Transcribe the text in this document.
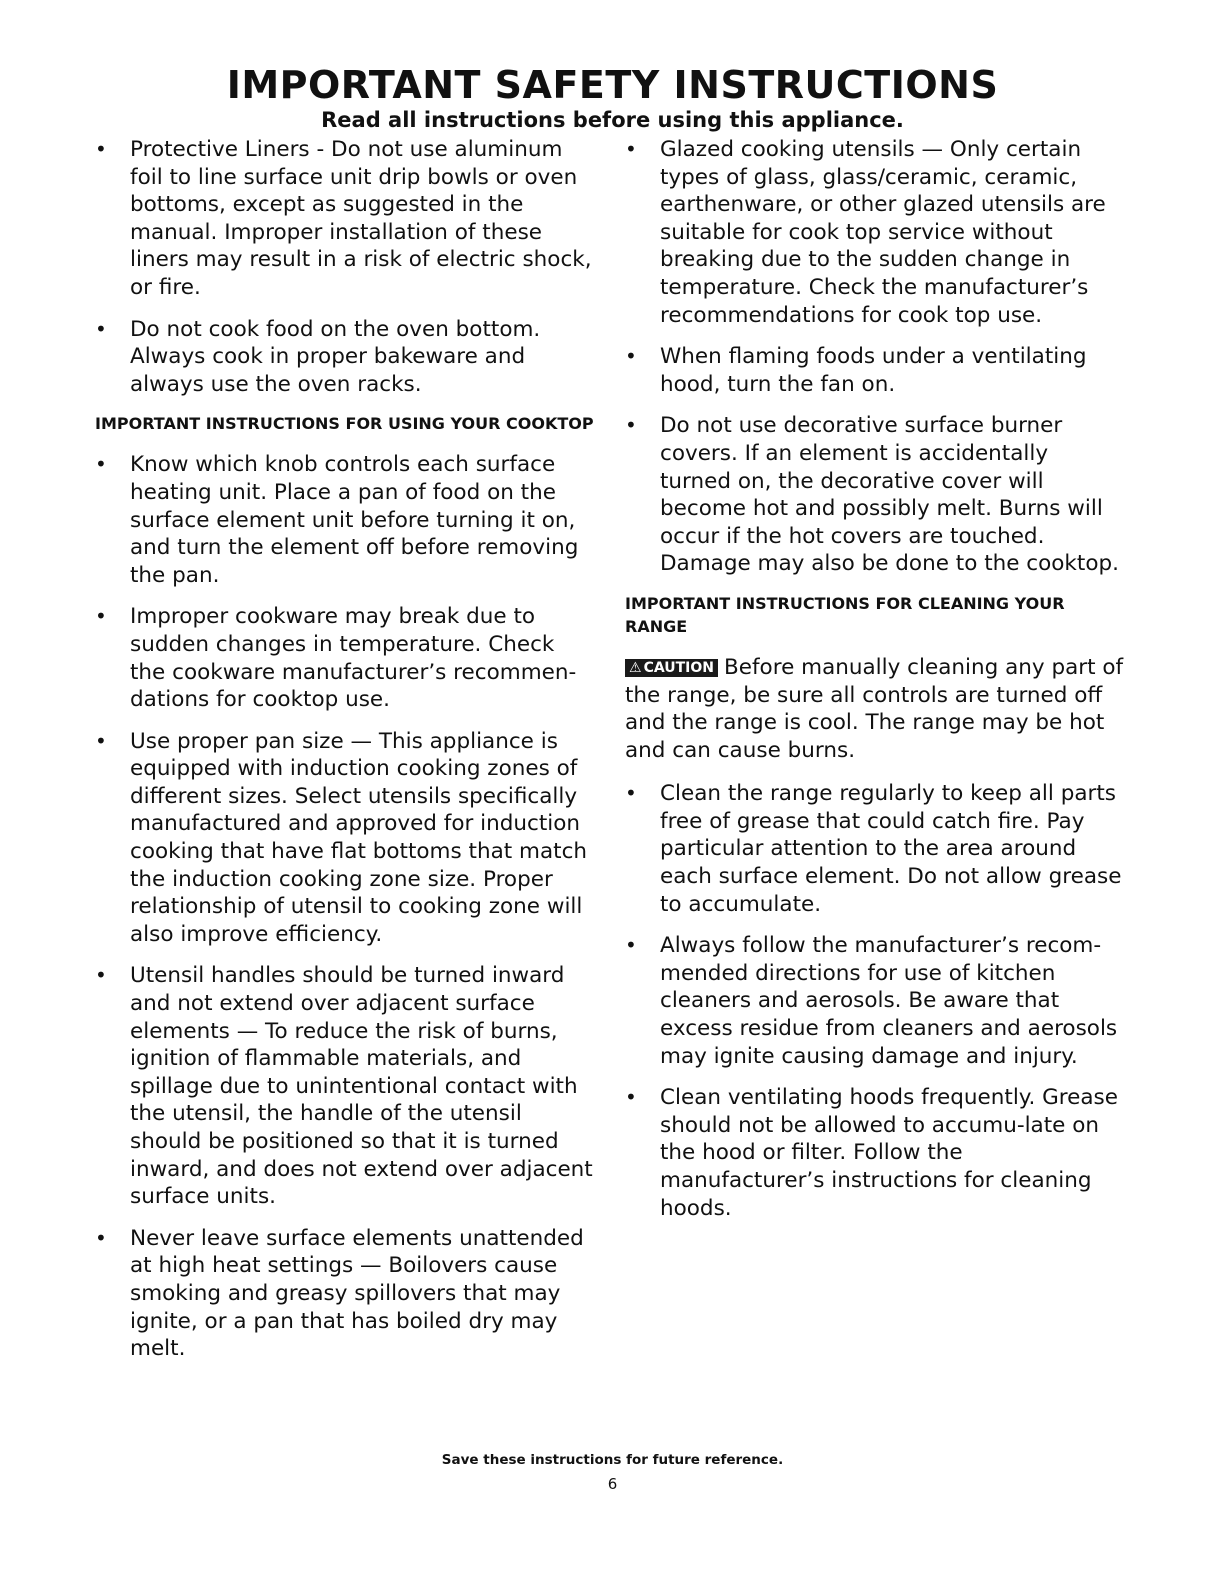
IMPORTANT SAFETY INSTRUCTIONS
Read all instructions before using this appliance.
• Protective Liners - Do not use aluminum foil to line surface unit drip bowls or oven bottoms, except as suggested in the manual. Improper installation of these liners may result in a risk of electric shock, or fire.
• Do not cook food on the oven bottom. Always cook in proper bakeware and always use the oven racks.
IMPORTANT INSTRUCTIONS FOR USING YOUR COOKTOP
• Know which knob controls each surface heating unit. Place a pan of food on the surface element unit before turning it on, and turn the element off before removing the pan.
• Improper cookware may break due to sudden changes in temperature. Check the cookware manufacturer’s recommen-dations for cooktop use.
• Use proper pan size — This appliance is equipped with induction cooking zones of different sizes. Select utensils specifically manufactured and approved for induction cooking that have flat bottoms that match the induction cooking zone size. Proper relationship of utensil to cooking zone will also improve efficiency.
• Utensil handles should be turned inward and not extend over adjacent surface elements — To reduce the risk of burns, ignition of flammable materials, and spillage due to unintentional contact with the utensil, the handle of the utensil should be positioned so that it is turned inward, and does not extend over adjacent surface units.
• Never leave surface elements unattended at high heat settings — Boilovers cause smoking and greasy spillovers that may ignite, or a pan that has boiled dry may melt.
• Glazed cooking utensils — Only certain types of glass, glass/ceramic, ceramic, earthenware, or other glazed utensils are suitable for cook top service without breaking due to the sudden change in temperature. Check the manufacturer’s recommendations for cook top use.
• When flaming foods under a ventilating hood, turn the fan on.
• Do not use decorative surface burner covers. If an element is accidentally turned on, the decorative cover will become hot and possibly melt. Burns will occur if the hot covers are touched. Damage may also be done to the cooktop.
IMPORTANT INSTRUCTIONS FOR CLEANING YOUR RANGE

⚠ CAUTION Before manually cleaning any part of the range, be sure all controls are turned off and the range is cool. The range may be hot and can cause burns.

• Clean the range regularly to keep all parts free of grease that could catch fire. Pay particular attention to the area around each surface element. Do not allow grease to accumulate.
• Always follow the manufacturer’s recom-mended directions for use of kitchen cleaners and aerosols. Be aware that excess residue from cleaners and aerosols may ignite causing damage and injury.
• Clean ventilating hoods frequently. Grease should not be allowed to accumu-late on the hood or filter. Follow the manufacturer’s instructions for cleaning hoods.
Save these instructions for future reference.
6
